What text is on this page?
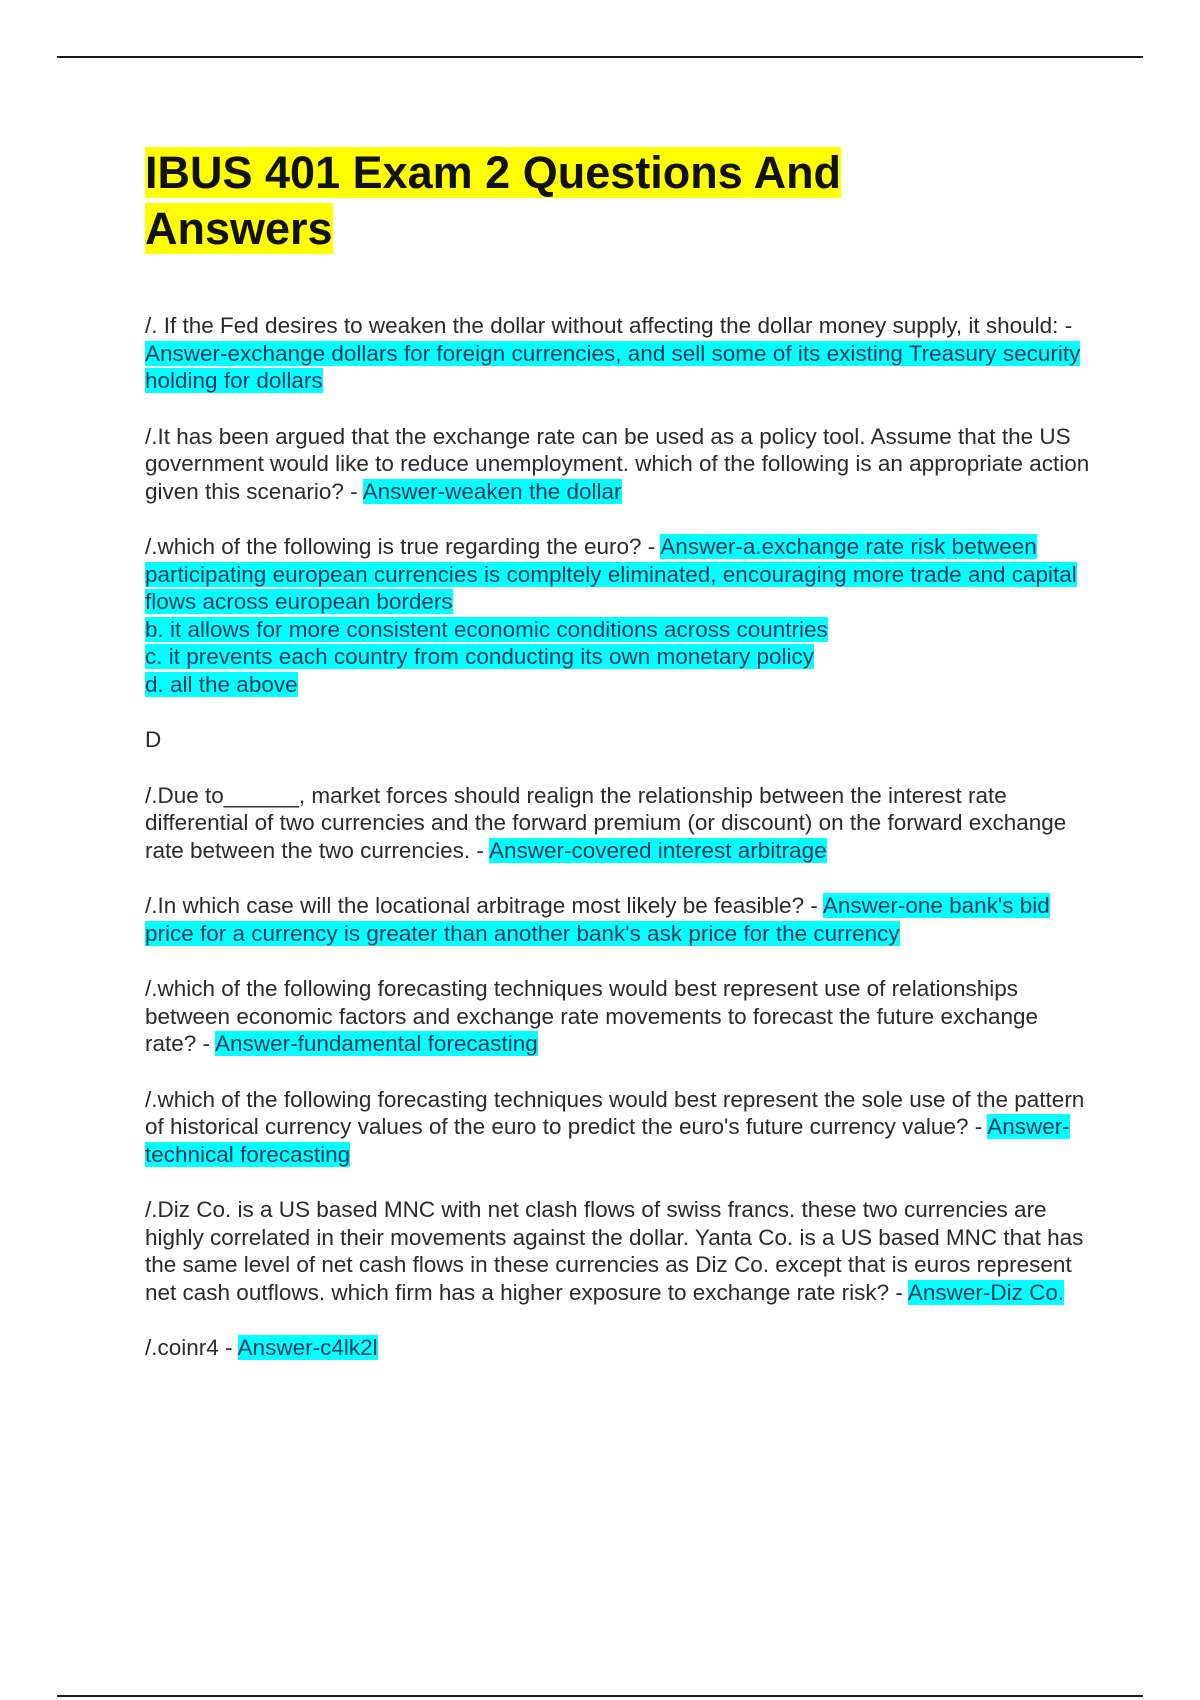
IBUS 401 Exam 2 Questions And Answers

/. If the Fed desires to weaken the dollar without affecting the dollar money supply, it should: - Answer-exchange dollars for foreign currencies, and sell some of its existing Treasury security holding for dollars

/.It has been argued that the exchange rate can be used as a policy tool. Assume that the US government would like to reduce unemployment. which of the following is an appropriate action given this scenario? - Answer-weaken the dollar

/.which of the following is true regarding the euro? - Answer-a.exchange rate risk between participating european currencies is compltely eliminated, encouraging more trade and capital flows across european borders
b. it allows for more consistent economic conditions across countries
c. it prevents each country from conducting its own monetary policy
d. all the above

D

/.Due to______, market forces should realign the relationship between the interest rate differential of two currencies and the forward premium (or discount) on the forward exchange rate between the two currencies. - Answer-covered interest arbitrage

/.In which case will the locational arbitrage most likely be feasible? - Answer-one bank's bid price for a currency is greater than another bank's ask price for the currency

/.which of the following forecasting techniques would best represent use of relationships between economic factors and exchange rate movements to forecast the future exchange rate? - Answer-fundamental forecasting

/.which of the following forecasting techniques would best represent the sole use of the pattern of historical currency values of the euro to predict the euro's future currency value? - Answer-technical forecasting

/.Diz Co. is a US based MNC with net clash flows of swiss francs. these two currencies are highly correlated in their movements against the dollar. Yanta Co. is a US based MNC that has the same level of net cash flows in these currencies as Diz Co. except that is euros represent net cash outflows. which firm has a higher exposure to exchange rate risk? - Answer-Diz Co.

/.coinr4 - Answer-c4lk2l
